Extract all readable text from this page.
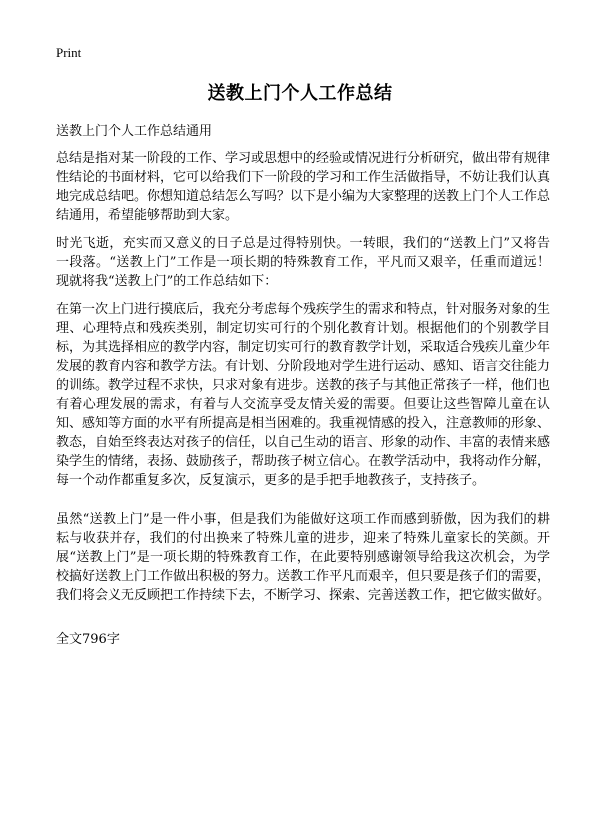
Print
送教上门个人工作总结

送教上门个人工作总结通用

总结是指对某一阶段的工作、学习或思想中的经验或情况进行分析研究，做出带有规律性结论的书面材料，它可以给我们下一阶段的学习和工作生活做指导，不妨让我们认真地完成总结吧。你想知道总结怎么写吗？以下是小编为大家整理的送教上门个人工作总结通用，希望能够帮助到大家。

时光飞逝，充实而又意义的日子总是过得特别快。一转眼，我们的“送教上门”又将告一段落。“送教上门”工作是一项长期的特殊教育工作，平凡而又艰辛，任重而道远！现就将我“送教上门”的工作总结如下：

在第一次上门进行摸底后，我充分考虑每个残疾学生的需求和特点，针对服务对象的生理、心理特点和残疾类别，制定切实可行的个别化教育计划。根据他们的个别教学目标，为其选择相应的教学内容，制定切实可行的教育教学计划，采取适合残疾儿童少年发展的教育内容和教学方法。有计划、分阶段地对学生进行运动、感知、语言交往能力的训练。教学过程不求快，只求对象有进步。送教的孩子与其他正常孩子一样，他们也有着心理发展的需求，有着与人交流享受友情关爱的需要。但要让这些智障儿童在认知、感知等方面的水平有所提高是相当困难的。我重视情感的投入，注意教师的形象、教态，自始至终表达对孩子的信任，以自己生动的语言、形象的动作、丰富的表情来感染学生的情绪，表扬、鼓励孩子，帮助孩子树立信心。在教学活动中，我将动作分解，每一个动作都重复多次，反复演示，更多的是手把手地教孩子，支持孩子。

虽然“送教上门”是一件小事，但是我们为能做好这项工作而感到骄傲，因为我们的耕耘与收获并存，我们的付出换来了特殊儿童的进步，迎来了特殊儿童家长的笑颜。开展“送教上门”是一项长期的特殊教育工作，在此要特别感谢领导给我这次机会，为学校搞好送教上门工作做出积极的努力。送教工作平凡而艰辛，但只要是孩子们的需要，我们将会义无反顾把工作持续下去，不断学习、探索、完善送教工作，把它做实做好。

全文796字
